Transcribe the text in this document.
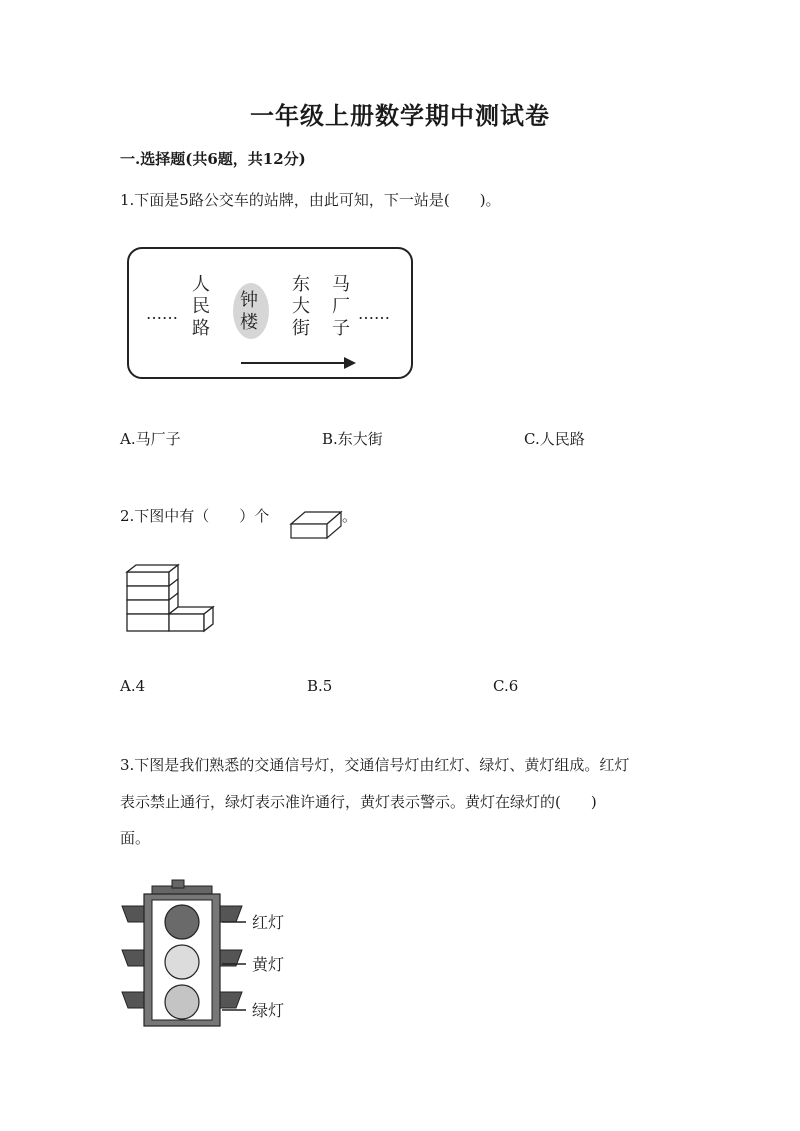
一年级上册数学期中测试卷
一.选择题(共6题，共12分)
1.下面是5路公交车的站牌，由此可知，下一站是(　　)。
……
人
民
路
钟
楼
东
大
街
马
厂
子
……
A.马厂子	B.东大街	C.人民路
2.下图中有（　　）个	。
A.4	B.5	C.6
3.下图是我们熟悉的交通信号灯，交通信号灯由红灯、绿灯、黄灯组成。红灯
表示禁止通行，绿灯表示准许通行，黄灯表示警示。黄灯在绿灯的(　　)
面。
红灯
黄灯
绿灯
